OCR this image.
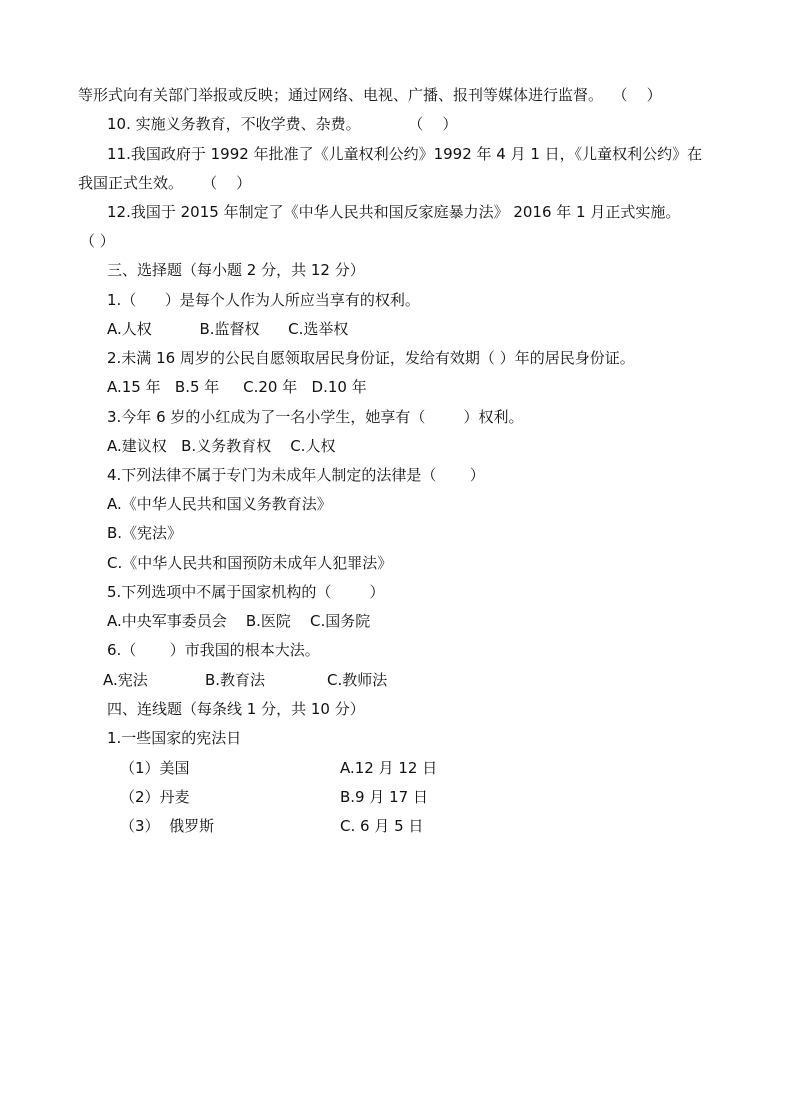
等形式向有关部门举报或反映；通过网络、电视、广播、报刊等媒体进行监督。  （    ）
10. 实施义务教育，不收学费、杂费。          （    ）
11.我国政府于 1992 年批准了《儿童权利公约》1992 年 4 月 1 日，《儿童权利公约》在
我国正式生效。    （    ）
12.我国于 2015 年制定了《中华人民共和国反家庭暴力法》 2016 年 1 月正式实施。
（ ）
三、选择题（每小题 2 分，共 12 分）
1.（      ）是每个人作为人所应当享有的权利。
A.人权          B.监督权      C.选举权
2.未满 16 周岁的公民自愿领取居民身份证，发给有效期（ ）年的居民身份证。
A.15 年   B.5 年     C.20 年   D.10 年
3.今年 6 岁的小红成为了一名小学生，她享有（        ）权利。
A.建议权   B.义务教育权    C.人权
4.下列法律不属于专门为未成年人制定的法律是（       ）
A.《中华人民共和国义务教育法》
B.《宪法》
C.《中华人民共和国预防未成年人犯罪法》
5.下列选项中不属于国家机构的（        ）
A.中央军事委员会    B.医院    C.国务院
6.（       ）市我国的根本大法。
A.宪法            B.教育法             C.教师法
四、连线题（每条线 1 分，共 10 分）
1.一些国家的宪法日
（1）美国	A.12 月 12 日
（2）丹麦	B.9 月 17 日
（3）  俄罗斯	C. 6 月 5 日
